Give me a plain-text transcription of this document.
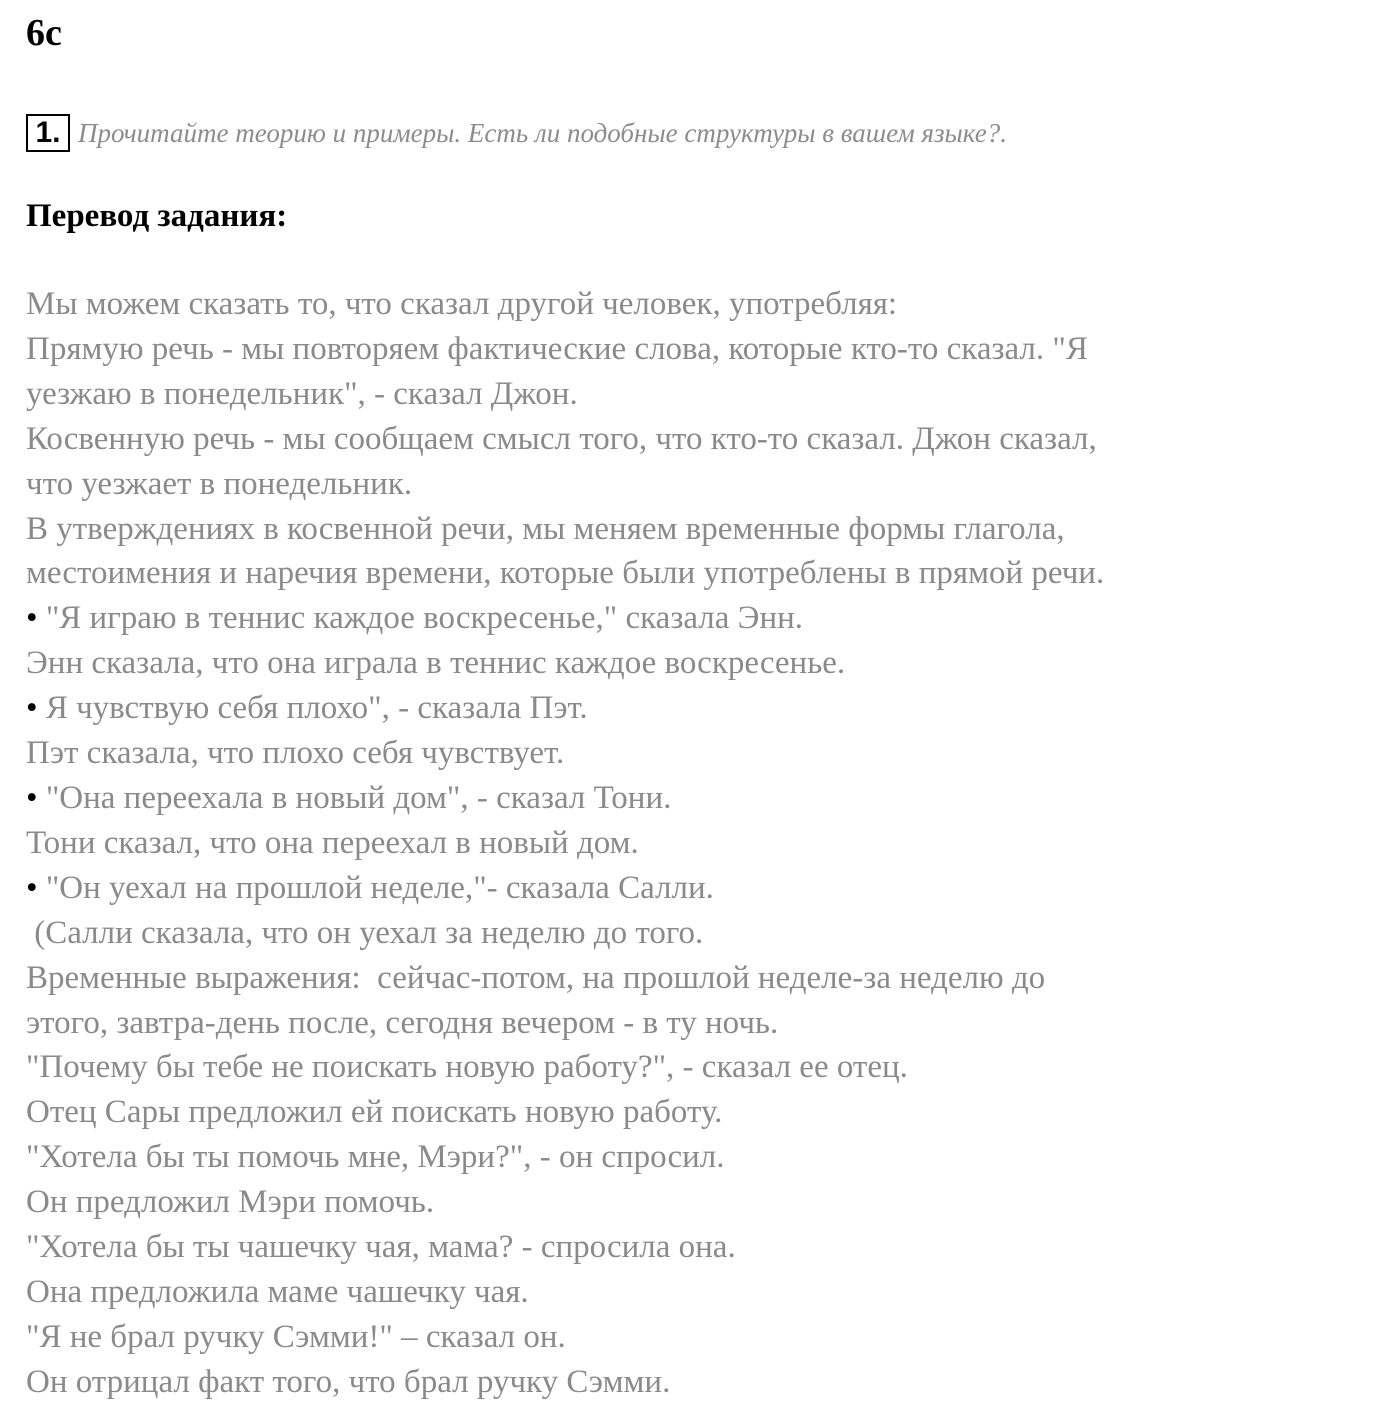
6c
1. Прочитайте теорию и примеры. Есть ли подобные структуры в вашем языке?.
Перевод задания:
Мы можем сказать то, что сказал другой человек, употребляя:
Прямую речь - мы повторяем фактические слова, которые кто-то сказал. "Я
уезжаю в понедельник", - сказал Джон.
Косвенную речь - мы сообщаем смысл того, что кто-то сказал. Джон сказал,
что уезжает в понедельник.
В утверждениях в косвенной речи, мы меняем временные формы глагола,
местоимения и наречия времени, которые были употреблены в прямой речи.
• "Я играю в теннис каждое воскресенье," сказала Энн.
Энн сказала, что она играла в теннис каждое воскресенье.
• Я чувствую себя плохо", - сказала Пэт.
Пэт сказала, что плохо себя чувствует.
• "Она переехала в новый дом", - сказал Тони.
Тони сказал, что она переехал в новый дом.
• "Он уехал на прошлой неделе,"- сказала Салли.
(Салли сказала, что он уехал за неделю до того.
Временные выражения:  сейчас-потом, на прошлой неделе-за неделю до
этого, завтра-день после, сегодня вечером - в ту ночь.
"Почему бы тебе не поискать новую работу?", - сказал ее отец.
Отец Сары предложил ей поискать новую работу.
"Хотела бы ты помочь мне, Мэри?", - он спросил.
Он предложил Мэри помочь.
"Хотела бы ты чашечку чая, мама? - спросила она.
Она предложила маме чашечку чая.
"Я не брал ручку Сэмми!" – сказал он.
Он отрицал факт того, что брал ручку Сэмми.
